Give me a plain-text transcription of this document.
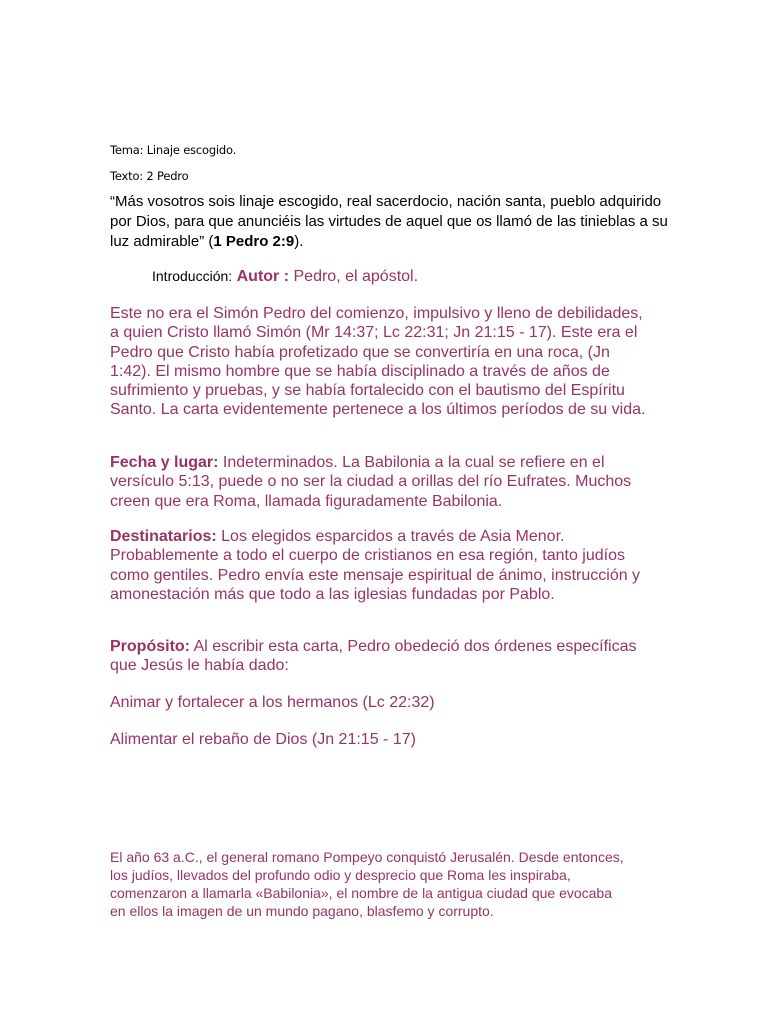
Tema: Linaje escogido.

Texto: 2 Pedro

“Más vosotros sois linaje escogido, real sacerdocio, nación santa, pueblo adquirido por Dios, para que anunciéis las virtudes de aquel que os llamó de las tinieblas a su luz admirable” (1 Pedro 2:9).

Introducción: Autor : Pedro, el apóstol.

Este no era el Simón Pedro del comienzo, impulsivo y lleno de debilidades, a quien Cristo llamó Simón (Mr 14:37; Lc 22:31; Jn 21:15 - 17). Este era el Pedro que Cristo había profetizado que se convertiría en una roca, (Jn 1:42). El mismo hombre que se había disciplinado a través de años de sufrimiento y pruebas, y se había fortalecido con el bautismo del Espíritu Santo. La carta evidentemente pertenece a los últimos períodos de su vida.

Fecha y lugar: Indeterminados. La Babilonia a la cual se refiere en el versículo 5:13, puede o no ser la ciudad a orillas del río Eufrates. Muchos creen que era Roma, llamada figuradamente Babilonia.

Destinatarios: Los elegidos esparcidos a través de Asia Menor. Probablemente a todo el cuerpo de cristianos en esa región, tanto judíos como gentiles. Pedro envía este mensaje espiritual de ánimo, instrucción y amonestación más que todo a las iglesias fundadas por Pablo.

Propósito: Al escribir esta carta, Pedro obedeció dos órdenes específicas que Jesús le había dado:

Animar y fortalecer a los hermanos (Lc 22:32)

Alimentar el rebaño de Dios (Jn 21:15 - 17)

El año 63 a.C., el general romano Pompeyo conquistó Jerusalén. Desde entonces, los judíos, llevados del profundo odio y desprecio que Roma les inspiraba, comenzaron a llamarla «Babilonia», el nombre de la antigua ciudad que evocaba en ellos la imagen de un mundo pagano, blasfemo y corrupto.
